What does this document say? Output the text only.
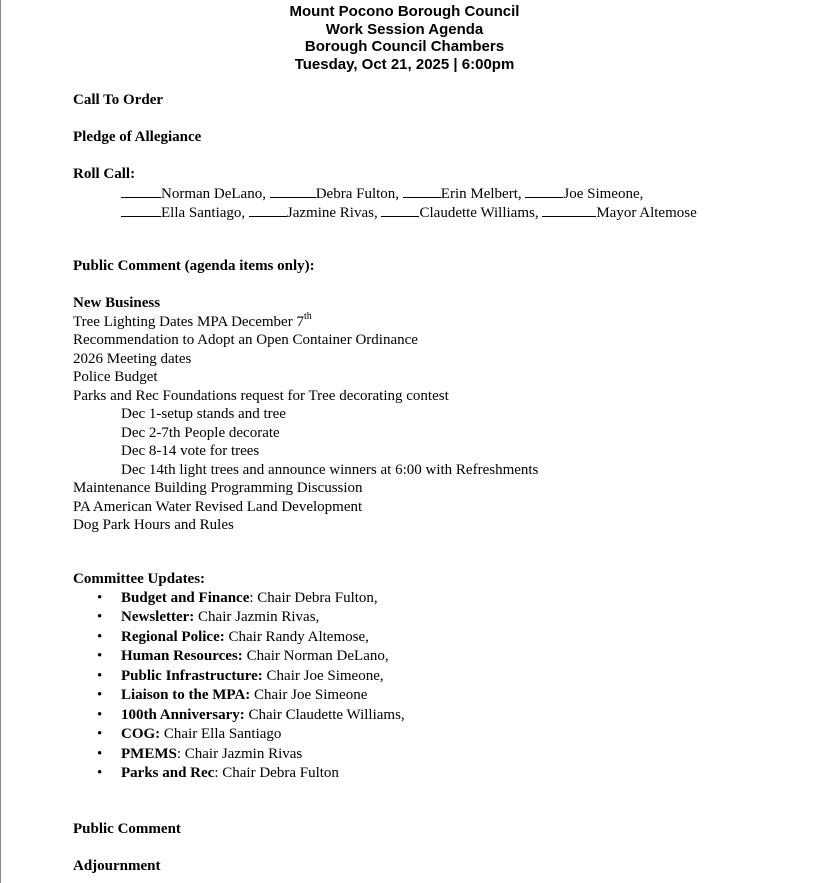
Mount Pocono Borough Council
Work Session Agenda
Borough Council Chambers
Tuesday, Oct 21, 2025 | 6:00pm
Call To Order
Pledge of Allegiance
Roll Call:
Norman DeLano,	Debra Fulton,	Erin Melbert,	Joe Simeone,
Ella Santiago,	Jazmine Rivas,	Claudette Williams,	Mayor Altemose
Public Comment (agenda items only):
New Business
Tree Lighting Dates MPA December 7th
Recommendation to Adopt an Open Container Ordinance
2026 Meeting dates
Police Budget
Parks and Rec Foundations request for Tree decorating contest
Dec 1-setup stands and tree
Dec 2-7th People decorate
Dec 8-14 vote for trees
Dec 14th light trees and announce winners at 6:00 with Refreshments
Maintenance Building Programming Discussion
PA American Water Revised Land Development
Dog Park Hours and Rules
Committee Updates:
• Budget and Finance: Chair Debra Fulton,
• Newsletter: Chair Jazmin Rivas,
• Regional Police: Chair Randy Altemose,
• Human Resources: Chair Norman DeLano,
• Public Infrastructure: Chair Joe Simeone,
• Liaison to the MPA: Chair Joe Simeone
• 100th Anniversary: Chair Claudette Williams,
• COG: Chair Ella Santiago
• PMEMS: Chair Jazmin Rivas
• Parks and Rec: Chair Debra Fulton
Public Comment
Adjournment
